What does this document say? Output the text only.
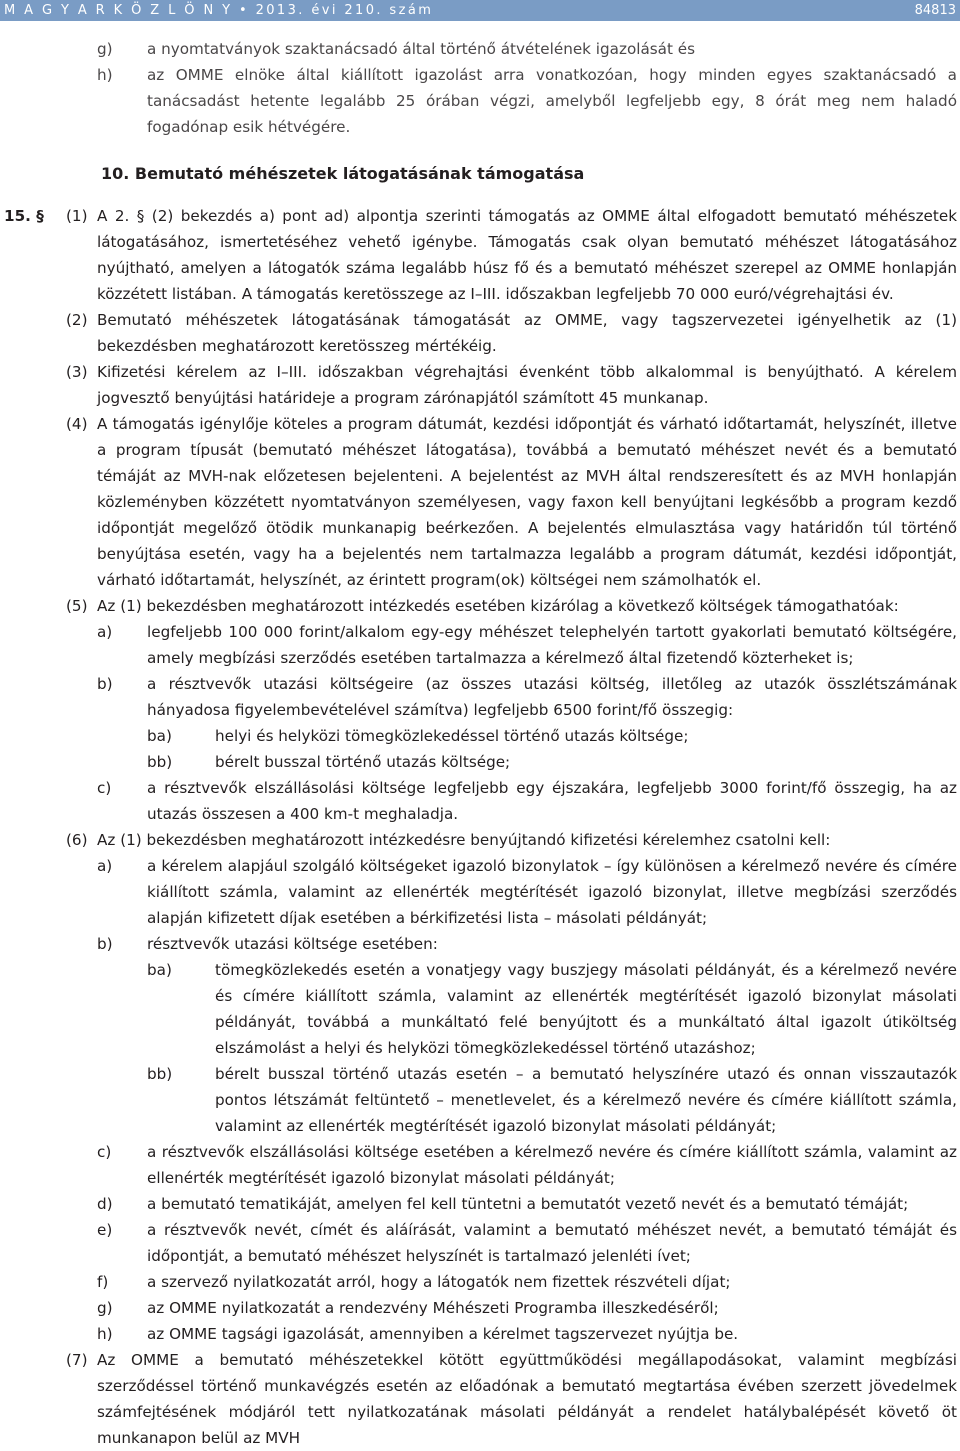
M A G Y A R K Ö Z L Ö N Y • 2013. évi 210. szám	84813
g) a nyomtatványok szaktanácsadó által történő átvételének igazolását és
h) az OMME elnöke által kiállított igazolást arra vonatkozóan, hogy minden egyes szaktanácsadó a tanácsadást hetente legalább 25 órában végzi, amelyből legfeljebb egy, 8 órát meg nem haladó fogadónap esik hétvégére.
10. Bemutató méhészetek látogatásának támogatása
15. § (1) A 2. § (2) bekezdés a) pont ad) alpontja szerinti támogatás az OMME által elfogadott bemutató méhészetek látogatásához, ismertetéséhez vehető igénybe. Támogatás csak olyan bemutató méhészet látogatásához nyújtható, amelyen a látogatók száma legalább húsz fő és a bemutató méhészet szerepel az OMME honlapján közzétett listában. A támogatás keretösszege az I–III. időszakban legfeljebb 70 000 euró/végrehajtási év.
(2) Bemutató méhészetek látogatásának támogatását az OMME, vagy tagszervezetei igényelhetik az (1) bekezdésben meghatározott keretösszeg mértékéig.
(3) Kifizetési kérelem az I–III. időszakban végrehajtási évenként több alkalommal is benyújtható. A kérelem jogvesztő benyújtási határideje a program zárónapjától számított 45 munkanap.
(4) A támogatás igénylője köteles a program dátumát, kezdési időpontját és várható időtartamát, helyszínét, illetve a program típusát (bemutató méhészet látogatása), továbbá a bemutató méhészet nevét és a bemutató témáját az MVH-nak előzetesen bejelenteni. A bejelentést az MVH által rendszeresített és az MVH honlapján közleményben közzétett nyomtatványon személyesen, vagy faxon kell benyújtani legkésőbb a program kezdő időpontját megelőző ötödik munkanapig beérkezően. A bejelentés elmulasztása vagy határidőn túl történő benyújtása esetén, vagy ha a bejelentés nem tartalmazza legalább a program dátumát, kezdési időpontját, várható időtartamát, helyszínét, az érintett program(ok) költségei nem számolhatók el.
(5) Az (1) bekezdésben meghatározott intézkedés esetében kizárólag a következő költségek támogathatóak:
a) legfeljebb 100 000 forint/alkalom egy-egy méhészet telephelyén tartott gyakorlati bemutató költségére, amely megbízási szerződés esetében tartalmazza a kérelmező által fizetendő közterheket is;
b) a résztvevők utazási költségeire (az összes utazási költség, illetőleg az utazók összlétszámának hányadosa figyelembevételével számítva) legfeljebb 6500 forint/fő összegig:
ba)	helyi és helyközi tömegközlekedéssel történő utazás költsége;
bb)	bérelt busszal történő utazás költsége;
c) a résztvevők elszállásolási költsége legfeljebb egy éjszakára, legfeljebb 3000 forint/fő összegig, ha az utazás összesen a 400 km-t meghaladja.
(6) Az (1) bekezdésben meghatározott intézkedésre benyújtandó kifizetési kérelemhez csatolni kell:
a) a kérelem alapjául szolgáló költségeket igazoló bizonylatok – így különösen a kérelmező nevére és címére kiállított számla, valamint az ellenérték megtérítését igazoló bizonylat, illetve megbízási szerződés alapján kifizetett díjak esetében a bérkifizetési lista – másolati példányát;
b) résztvevők utazási költsége esetében:
ba)	tömegközlekedés esetén a vonatjegy vagy buszjegy másolati példányát, és a kérelmező nevére és címére kiállított számla, valamint az ellenérték megtérítését igazoló bizonylat másolati példányát, továbbá a munkáltató felé benyújtott és a munkáltató által igazolt útiköltség elszámolást a helyi és helyközi tömegközlekedéssel történő utazáshoz;
bb)	bérelt busszal történő utazás esetén – a bemutató helyszínére utazó és onnan visszautazók pontos létszámát feltüntető – menetlevelet, és a kérelmező nevére és címére kiállított számla, valamint az ellenérték megtérítését igazoló bizonylat másolati példányát;
c) a résztvevők elszállásolási költsége esetében a kérelmező nevére és címére kiállított számla, valamint az ellenérték megtérítését igazoló bizonylat másolati példányát;
d) a bemutató tematikáját, amelyen fel kell tüntetni a bemutatót vezető nevét és a bemutató témáját;
e) a résztvevők nevét, címét és aláírását, valamint a bemutató méhészet nevét, a bemutató témáját és időpontját, a bemutató méhészet helyszínét is tartalmazó jelenléti ívet;
f)	a szervező nyilatkozatát arról, hogy a látogatók nem fizettek részvételi díjat;
g) az OMME nyilatkozatát a rendezvény Méhészeti Programba illeszkedéséről;
h) az OMME tagsági igazolását, amennyiben a kérelmet tagszervezet nyújtja be.
(7) Az OMME a bemutató méhészetekkel kötött együttműködési megállapodásokat, valamint megbízási szerződéssel történő munkavégzés esetén az előadónak a bemutató megtartása évében szerzett jövedelmek számfejtésének módjáról tett nyilatkozatának másolati példányát a rendelet hatálybalépését követő öt munkanapon belül az MVH
